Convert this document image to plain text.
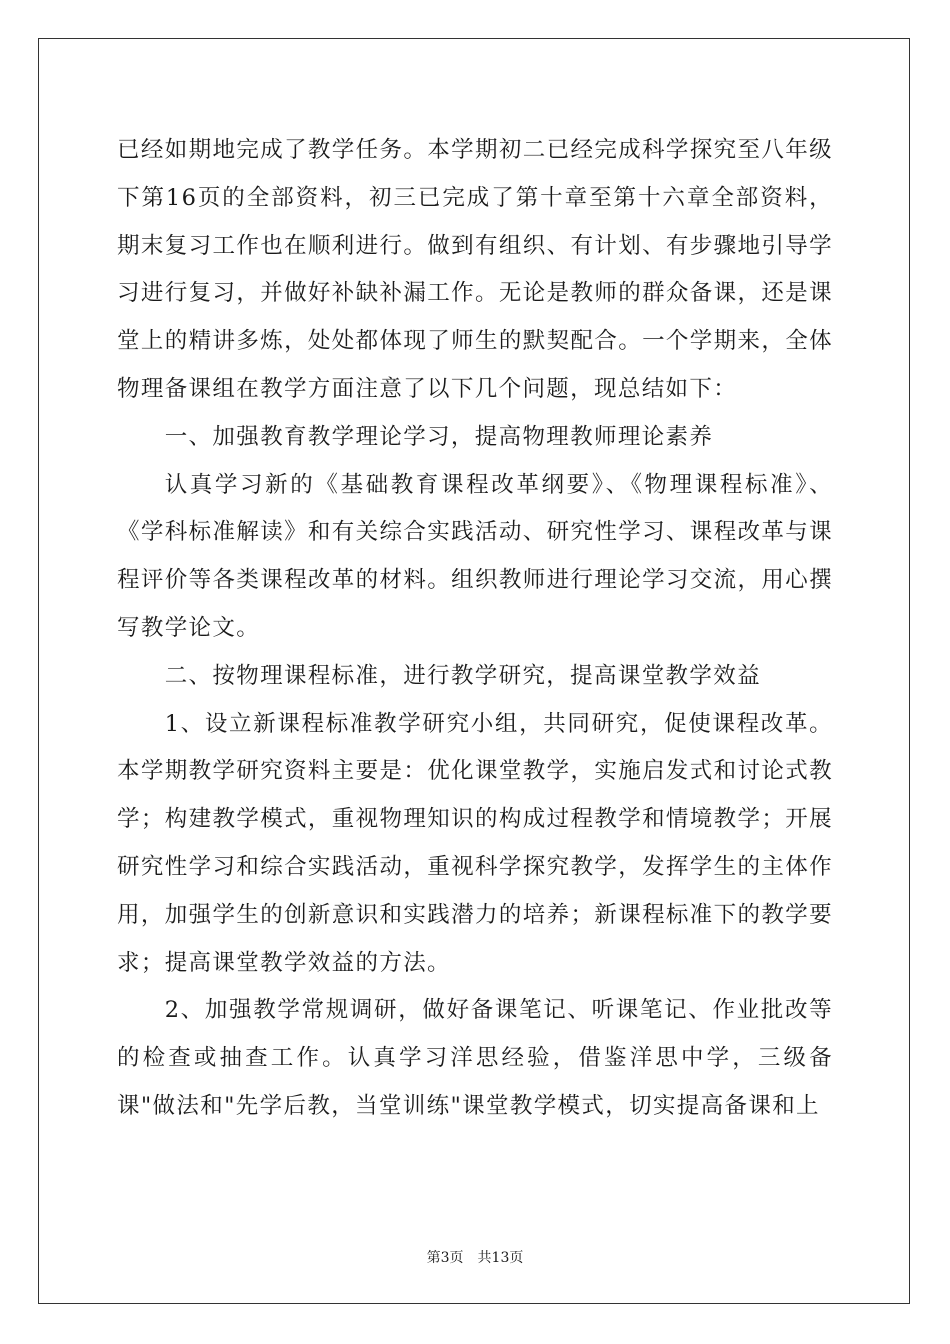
已经如期地完成了教学任务。本学期初二已经完成科学探究至八年级下第16页的全部资料，初三已完成了第十章至第十六章全部资料，期末复习工作也在顺利进行。做到有组织、有计划、有步骤地引导学习进行复习，并做好补缺补漏工作。无论是教师的群众备课，还是课堂上的精讲多炼，处处都体现了师生的默契配合。一个学期来，全体物理备课组在教学方面注意了以下几个问题，现总结如下：

一、加强教育教学理论学习，提高物理教师理论素养

认真学习新的《基础教育课程改革纲要》、《物理课程标准》、《学科标准解读》和有关综合实践活动、研究性学习、课程改革与课程评价等各类课程改革的材料。组织教师进行理论学习交流，用心撰写教学论文。

二、按物理课程标准，进行教学研究，提高课堂教学效益

1、设立新课程标准教学研究小组，共同研究，促使课程改革。本学期教学研究资料主要是：优化课堂教学，实施启发式和讨论式教学；构建教学模式，重视物理知识的构成过程教学和情境教学；开展研究性学习和综合实践活动，重视科学探究教学，发挥学生的主体作用，加强学生的创新意识和实践潜力的培养；新课程标准下的教学要求；提高课堂教学效益的方法。

2、加强教学常规调研，做好备课笔记、听课笔记、作业批改等的检查或抽查工作。认真学习洋思经验，借鉴洋思中学，三级备课"做法和"先学后教，当堂训练"课堂教学模式，切实提高备课和上

第3页 共13页
